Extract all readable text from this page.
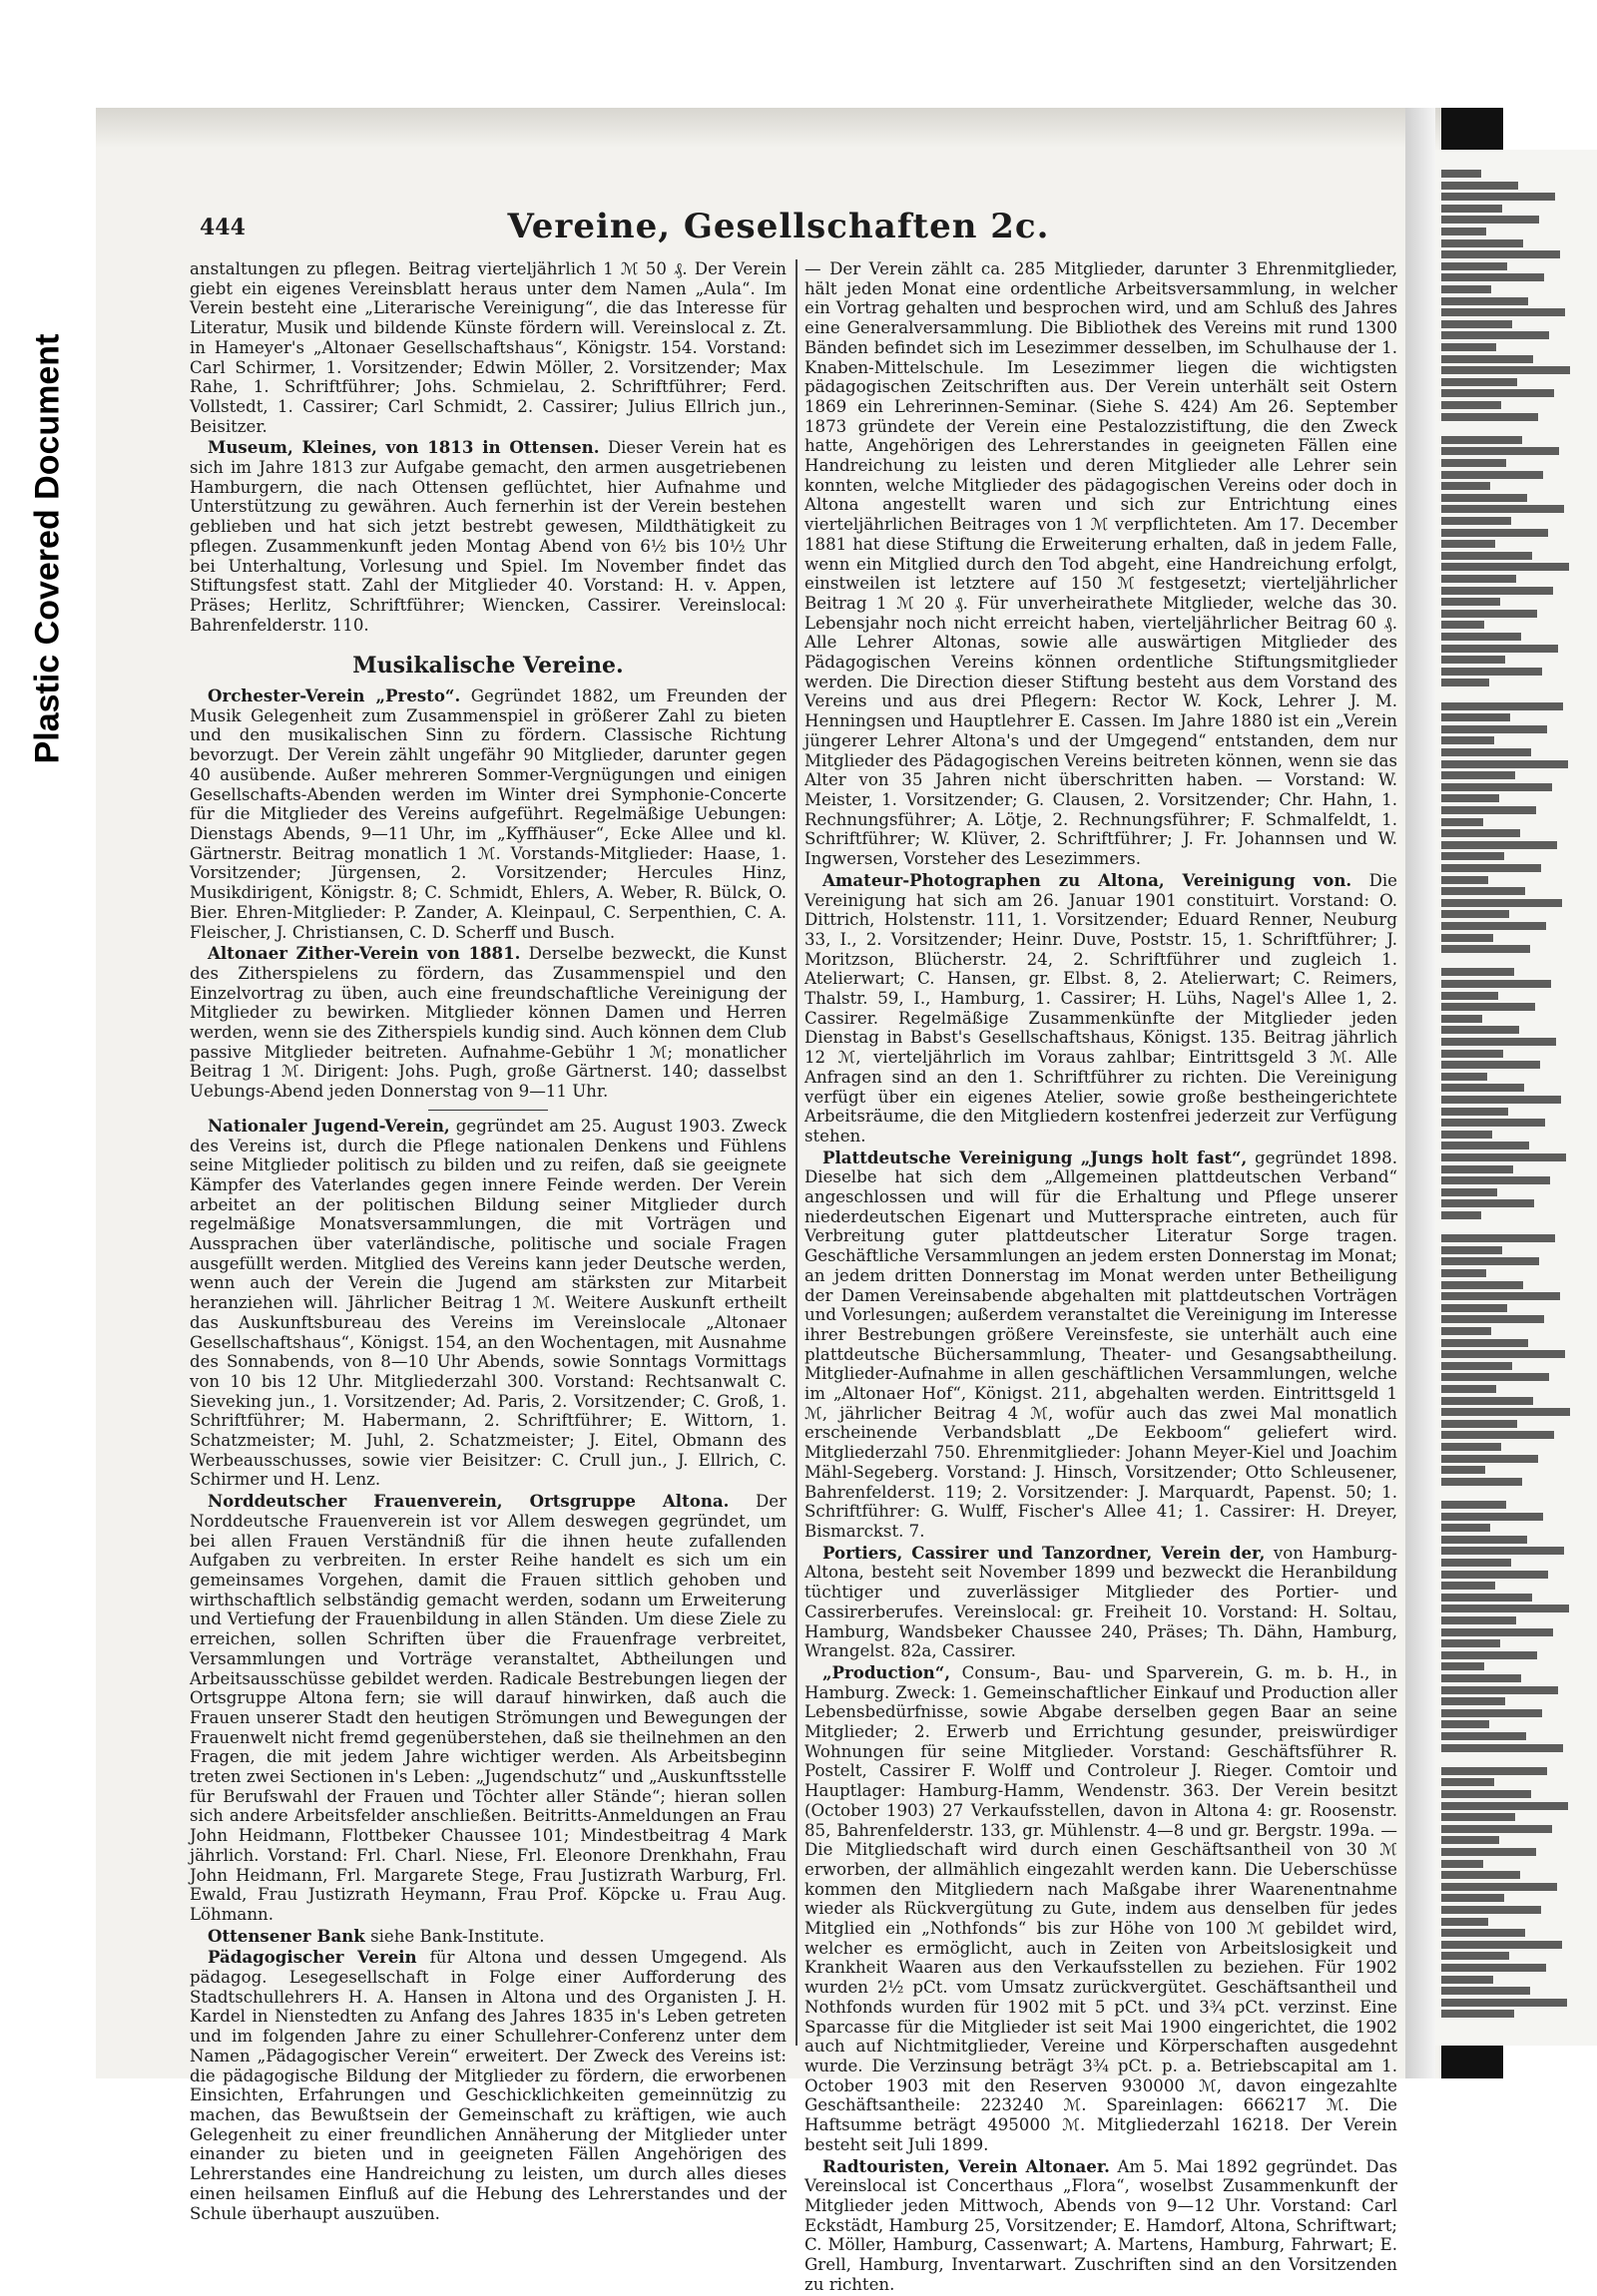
Plastic Covered Document
444	Vereine, Gesellschaften 2c.

anstaltungen zu pflegen. Beitrag vierteljährlich 1 ℳ 50 ₰. Der Verein giebt ein eigenes Vereinsblatt heraus unter dem Namen „Aula“. Im Verein besteht eine „Literarische Vereinigung“, die das Interesse für Literatur, Musik und bildende Künste fördern will. Vereinslocal z. Zt. in Hameyer's „Altonaer Gesellschaftshaus“, Königstr. 154. Vorstand: Carl Schirmer, 1. Vorsitzender; Edwin Möller, 2. Vorsitzender; Max Rahe, 1. Schriftführer; Johs. Schmielau, 2. Schriftführer; Ferd. Vollstedt, 1. Cassirer; Carl Schmidt, 2. Cassirer; Julius Ellrich jun., Beisitzer.

Museum, Kleines, von 1813 in Ottensen. Dieser Verein hat es sich im Jahre 1813 zur Aufgabe gemacht, den armen ausgetriebenen Hamburgern, die nach Ottensen geflüchtet, hier Aufnahme und Unterstützung zu gewähren. Auch fernerhin ist der Verein bestehen geblieben und hat sich jetzt bestrebt gewesen, Mildthätigkeit zu pflegen. Zusammenkunft jeden Montag Abend von 6½ bis 10½ Uhr bei Unterhaltung, Vorlesung und Spiel. Im November findet das Stiftungsfest statt. Zahl der Mitglieder 40. Vorstand: H. v. Appen, Präses; Herlitz, Schriftführer; Wiencken, Cassirer. Vereinslocal: Bahrenfelderstr. 110.

Musikalische Vereine.

Orchester-Verein „Presto“. Gegründet 1882, um Freunden der Musik Gelegenheit zum Zusammenspiel in größerer Zahl zu bieten und den musikalischen Sinn zu fördern. Classische Richtung bevorzugt. Der Verein zählt ungefähr 90 Mitglieder, darunter gegen 40 ausübende. Außer mehreren Sommer-Vergnügungen und einigen Gesellschafts-Abenden werden im Winter drei Symphonie-Concerte für die Mitglieder des Vereins aufgeführt. Regelmäßige Uebungen: Dienstags Abends, 9—11 Uhr, im „Kyffhäuser“, Ecke Allee und kl. Gärtnerstr. Beitrag monatlich 1 ℳ. Vorstands-Mitglieder: Haase, 1. Vorsitzender; Jürgensen, 2. Vorsitzender; Hercules Hinz, Musikdirigent, Königstr. 8; C. Schmidt, Ehlers, A. Weber, R. Bülck, O. Bier. Ehren-Mitglieder: P. Zander, A. Kleinpaul, C. Serpenthien, C. A. Fleischer, J. Christiansen, C. D. Scherff und Busch.

Altonaer Zither-Verein von 1881. Derselbe bezweckt, die Kunst des Zitherspielens zu fördern, das Zusammenspiel und den Einzelvortrag zu üben, auch eine freundschaftliche Vereinigung der Mitglieder zu bewirken. Mitglieder können Damen und Herren werden, wenn sie des Zitherspiels kundig sind. Auch können dem Club passive Mitglieder beitreten. Aufnahme-Gebühr 1 ℳ; monatlicher Beitrag 1 ℳ. Dirigent: Johs. Pugh, große Gärtnerst. 140; dasselbst Uebungs-Abend jeden Donnerstag von 9—11 Uhr.

Nationaler Jugend-Verein, gegründet am 25. August 1903. Zweck des Vereins ist, durch die Pflege nationalen Denkens und Fühlens seine Mitglieder politisch zu bilden und zu reifen, daß sie geeignete Kämpfer des Vaterlandes gegen innere Feinde werden. Der Verein arbeitet an der politischen Bildung seiner Mitglieder durch regelmäßige Monatsversammlungen, die mit Vorträgen und Aussprachen über vaterländische, politische und sociale Fragen ausgefüllt werden. Mitglied des Vereins kann jeder Deutsche werden, wenn auch der Verein die Jugend am stärksten zur Mitarbeit heranziehen will. Jährlicher Beitrag 1 ℳ. Weitere Auskunft ertheilt das Auskunftsbureau des Vereins im Vereinslocale „Altonaer Gesellschaftshaus“, Königst. 154, an den Wochentagen, mit Ausnahme des Sonnabends, von 8—10 Uhr Abends, sowie Sonntags Vormittags von 10 bis 12 Uhr. Mitgliederzahl 300. Vorstand: Rechtsanwalt C. Sieveking jun., 1. Vorsitzender; Ad. Paris, 2. Vorsitzender; C. Groß, 1. Schriftführer; M. Habermann, 2. Schriftführer; E. Wittorn, 1. Schatzmeister; M. Juhl, 2. Schatzmeister; J. Eitel, Obmann des Werbeausschusses, sowie vier Beisitzer: C. Crull jun., J. Ellrich, C. Schirmer und H. Lenz.

Norddeutscher Frauenverein, Ortsgruppe Altona. Der Norddeutsche Frauenverein ist vor Allem deswegen gegründet, um bei allen Frauen Verständniß für die ihnen heute zufallenden Aufgaben zu verbreiten. In erster Reihe handelt es sich um ein gemeinsames Vorgehen, damit die Frauen sittlich gehoben und wirthschaftlich selbständig gemacht werden, sodann um Erweiterung und Vertiefung der Frauenbildung in allen Ständen. Um diese Ziele zu erreichen, sollen Schriften über die Frauenfrage verbreitet, Versammlungen und Vorträge veranstaltet, Abtheilungen und Arbeitsausschüsse gebildet werden. Radicale Bestrebungen liegen der Ortsgruppe Altona fern; sie will darauf hinwirken, daß auch die Frauen unserer Stadt den heutigen Strömungen und Bewegungen der Frauenwelt nicht fremd gegenüberstehen, daß sie theilnehmen an den Fragen, die mit jedem Jahre wichtiger werden. Als Arbeitsbeginn treten zwei Sectionen in's Leben: „Jugendschutz“ und „Auskunftsstelle für Berufswahl der Frauen und Töchter aller Stände“; hieran sollen sich andere Arbeitsfelder anschließen. Beitritts-Anmeldungen an Frau John Heidmann, Flottbeker Chaussee 101; Mindestbeitrag 4 Mark jährlich. Vorstand: Frl. Charl. Niese, Frl. Eleonore Drenkhahn, Frau John Heidmann, Frl. Margarete Stege, Frau Justizrath Warburg, Frl. Ewald, Frau Justizrath Heymann, Frau Prof. Köpcke u. Frau Aug. Löhmann.

Ottensener Bank siehe Bank-Institute.

Pädagogischer Verein für Altona und dessen Umgegend. Als pädagog. Lesegesellschaft in Folge einer Aufforderung des Stadtschullehrers H. A. Hansen in Altona und des Organisten J. H. Kardel in Nienstedten zu Anfang des Jahres 1835 in's Leben getreten und im folgenden Jahre zu einer Schullehrer-Conferenz unter dem Namen „Pädagogischer Verein“ erweitert. Der Zweck des Vereins ist: die pädagogische Bildung der Mitglieder zu fördern, die erworbenen Einsichten, Erfahrungen und Geschicklichkeiten gemeinnützig zu machen, das Bewußtsein der Gemeinschaft zu kräftigen, wie auch Gelegenheit zu einer freundlichen Annäherung der Mitglieder unter einander zu bieten und in geeigneten Fällen Angehörigen des Lehrerstandes eine Handreichung zu leisten, um durch alles dieses einen heilsamen Einfluß auf die Hebung des Lehrerstandes und der Schule überhaupt auszuüben.

— Der Verein zählt ca. 285 Mitglieder, darunter 3 Ehrenmitglieder, hält jeden Monat eine ordentliche Arbeitsversammlung, in welcher ein Vortrag gehalten und besprochen wird, und am Schluß des Jahres eine Generalversammlung. Die Bibliothek des Vereins mit rund 1300 Bänden befindet sich im Lesezimmer desselben, im Schulhause der 1. Knaben-Mittelschule. Im Lesezimmer liegen die wichtigsten pädagogischen Zeitschriften aus. Der Verein unterhält seit Ostern 1869 ein Lehrerinnen-Seminar. (Siehe S. 424) Am 26. September 1873 gründete der Verein eine Pestalozzistiftung, die den Zweck hatte, Angehörigen des Lehrerstandes in geeigneten Fällen eine Handreichung zu leisten und deren Mitglieder alle Lehrer sein konnten, welche Mitglieder des pädagogischen Vereins oder doch in Altona angestellt waren und sich zur Entrichtung eines vierteljährlichen Beitrages von 1 ℳ verpflichteten. Am 17. December 1881 hat diese Stiftung die Erweiterung erhalten, daß in jedem Falle, wenn ein Mitglied durch den Tod abgeht, eine Handreichung erfolgt, einstweilen ist letztere auf 150 ℳ festgesetzt; vierteljährlicher Beitrag 1 ℳ 20 ₰. Für unverheirathete Mitglieder, welche das 30. Lebensjahr noch nicht erreicht haben, vierteljährlicher Beitrag 60 ₰. Alle Lehrer Altonas, sowie alle auswärtigen Mitglieder des Pädagogischen Vereins können ordentliche Stiftungsmitglieder werden. Die Direction dieser Stiftung besteht aus dem Vorstand des Vereins und aus drei Pflegern: Rector W. Kock, Lehrer J. M. Henningsen und Hauptlehrer E. Cassen. Im Jahre 1880 ist ein „Verein jüngerer Lehrer Altona's und der Umgegend“ entstanden, dem nur Mitglieder des Pädagogischen Vereins beitreten können, wenn sie das Alter von 35 Jahren nicht überschritten haben. — Vorstand: W. Meister, 1. Vorsitzender; G. Clausen, 2. Vorsitzender; Chr. Hahn, 1. Rechnungsführer; A. Lötje, 2. Rechnungsführer; F. Schmalfeldt, 1. Schriftführer; W. Klüver, 2. Schriftführer; J. Fr. Johannsen und W. Ingwersen, Vorsteher des Lesezimmers.

Amateur-Photographen zu Altona, Vereinigung von. Die Vereinigung hat sich am 26. Januar 1901 constituirt. Vorstand: O. Dittrich, Holstenstr. 111, 1. Vorsitzender; Eduard Renner, Neuburg 33, I., 2. Vorsitzender; Heinr. Duve, Poststr. 15, 1. Schriftführer; J. Moritzson, Blücherstr. 24, 2. Schriftführer und zugleich 1. Atelierwart; C. Hansen, gr. Elbst. 8, 2. Atelierwart; C. Reimers, Thalstr. 59, I., Hamburg, 1. Cassirer; H. Lühs, Nagel's Allee 1, 2. Cassirer. Regelmäßige Zusammenkünfte der Mitglieder jeden Dienstag in Babst's Gesellschaftshaus, Königst. 135. Beitrag jährlich 12 ℳ, vierteljährlich im Voraus zahlbar; Eintrittsgeld 3 ℳ. Alle Anfragen sind an den 1. Schriftführer zu richten. Die Vereinigung verfügt über ein eigenes Atelier, sowie große bestheingerichtete Arbeitsräume, die den Mitgliedern kostenfrei jederzeit zur Verfügung stehen.

Plattdeutsche Vereinigung „Jungs holt fast“, gegründet 1898. Dieselbe hat sich dem „Allgemeinen plattdeutschen Verband“ angeschlossen und will für die Erhaltung und Pflege unserer niederdeutschen Eigenart und Muttersprache eintreten, auch für Verbreitung guter plattdeutscher Literatur Sorge tragen. Geschäftliche Versammlungen an jedem ersten Donnerstag im Monat; an jedem dritten Donnerstag im Monat werden unter Betheiligung der Damen Vereinsabende abgehalten mit plattdeutschen Vorträgen und Vorlesungen; außerdem veranstaltet die Vereinigung im Interesse ihrer Bestrebungen größere Vereinsfeste, sie unterhält auch eine plattdeutsche Büchersammlung, Theater- und Gesangsabtheilung. Mitglieder-Aufnahme in allen geschäftlichen Versammlungen, welche im „Altonaer Hof“, Königst. 211, abgehalten werden. Eintrittsgeld 1 ℳ, jährlicher Beitrag 4 ℳ, wofür auch das zwei Mal monatlich erscheinende Verbandsblatt „De Eekboom“ geliefert wird. Mitgliederzahl 750. Ehrenmitglieder: Johann Meyer-Kiel und Joachim Mähl-Segeberg. Vorstand: J. Hinsch, Vorsitzender; Otto Schleusener, Bahrenfelderst. 119; 2. Vorsitzender: J. Marquardt, Papenst. 50; 1. Schriftführer: G. Wulff, Fischer's Allee 41; 1. Cassirer: H. Dreyer, Bismarckst. 7.

Portiers, Cassirer und Tanzordner, Verein der, von Hamburg-Altona, besteht seit November 1899 und bezweckt die Heranbildung tüchtiger und zuverlässiger Mitglieder des Portier- und Cassirerberufes. Vereinslocal: gr. Freiheit 10. Vorstand: H. Soltau, Hamburg, Wandsbeker Chaussee 240, Präses; Th. Dähn, Hamburg, Wrangelst. 82a, Cassirer.

„Production“, Consum-, Bau- und Sparverein, G. m. b. H., in Hamburg. Zweck: 1. Gemeinschaftlicher Einkauf und Production aller Lebensbedürfnisse, sowie Abgabe derselben gegen Baar an seine Mitglieder; 2. Erwerb und Errichtung gesunder, preiswürdiger Wohnungen für seine Mitglieder. Vorstand: Geschäftsführer R. Postelt, Cassirer F. Wolff und Controleur J. Rieger. Comtoir und Hauptlager: Hamburg-Hamm, Wendenstr. 363. Der Verein besitzt (October 1903) 27 Verkaufsstellen, davon in Altona 4: gr. Roosenstr. 85, Bahrenfelderstr. 133, gr. Mühlenstr. 4—8 und gr. Bergstr. 199a. — Die Mitgliedschaft wird durch einen Geschäftsantheil von 30 ℳ erworben, der allmählich eingezahlt werden kann. Die Ueberschüsse kommen den Mitgliedern nach Maßgabe ihrer Waarenentnahme wieder als Rückvergütung zu Gute, indem aus denselben für jedes Mitglied ein „Nothfonds“ bis zur Höhe von 100 ℳ gebildet wird, welcher es ermöglicht, auch in Zeiten von Arbeitslosigkeit und Krankheit Waaren aus den Verkaufsstellen zu beziehen. Für 1902 wurden 2½ pCt. vom Umsatz zurückvergütet. Geschäftsantheil und Nothfonds wurden für 1902 mit 5 pCt. und 3¾ pCt. verzinst. Eine Sparcasse für die Mitglieder ist seit Mai 1900 eingerichtet, die 1902 auch auf Nichtmitglieder, Vereine und Körperschaften ausgedehnt wurde. Die Verzinsung beträgt 3¾ pCt. p. a. Betriebscapital am 1. October 1903 mit den Reserven 930000 ℳ, davon eingezahlte Geschäftsantheile: 223240 ℳ. Spareinlagen: 666217 ℳ. Die Haftsumme beträgt 495000 ℳ. Mitgliederzahl 16218. Der Verein besteht seit Juli 1899.

Radtouristen, Verein Altonaer. Am 5. Mai 1892 gegründet. Das Vereinslocal ist Concerthaus „Flora“, woselbst Zusammenkunft der Mitglieder jeden Mittwoch, Abends von 9—12 Uhr. Vorstand: Carl Eckstädt, Hamburg 25, Vorsitzender; E. Hamdorf, Altona, Schriftwart; C. Möller, Hamburg, Cassenwart; A. Martens, Hamburg, Fahrwart; E. Grell, Hamburg, Inventarwart. Zuschriften sind an den Vorsitzenden zu richten.
